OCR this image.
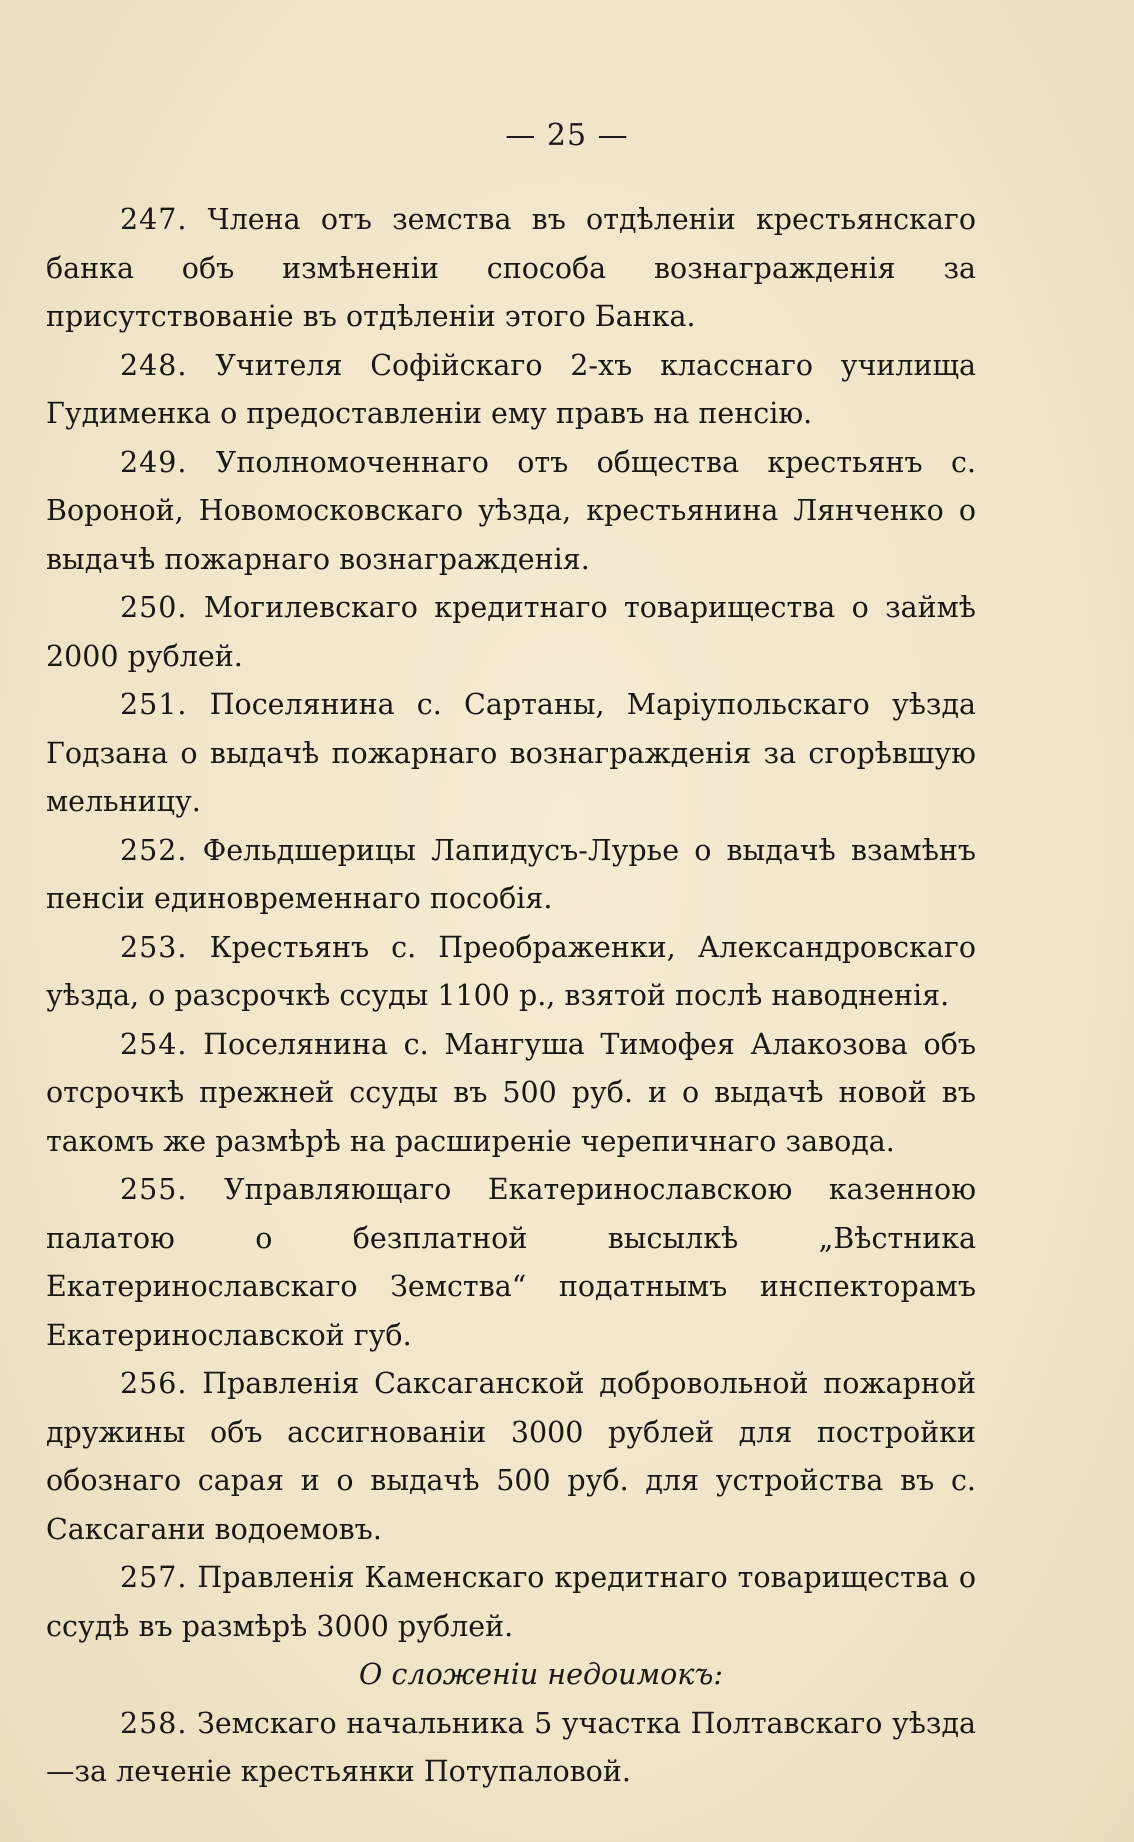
— 25 —

247. Члена отъ земства въ отдѣленіи крестьянскаго банка объ измѣненіи способа вознагражденія за присутствованіе въ отдѣленіи этого Банка.

248. Учителя Софійскаго 2-хъ класснаго училища Гудименка о предоставленіи ему правъ на пенсію.

249. Уполномоченнаго отъ общества крестьянъ с. Вороной, Новомосковскаго уѣзда, крестьянина Лянченко о выдачѣ пожарнаго вознагражденія.

250. Могилевскаго кредитнаго товарищества о займѣ 2000 рублей.

251. Поселянина с. Сартаны, Маріупольскаго уѣзда Годзана о выдачѣ пожарнаго вознагражденія за сгорѣвшую мельницу.

252. Фельдшерицы Лапидусъ-Лурье о выдачѣ взамѣнъ пенсіи единовременнаго пособія.

253. Крестьянъ с. Преображенки, Александровскаго уѣзда, о разсрочкѣ ссуды 1100 р., взятой послѣ наводненія.

254. Поселянина с. Мангуша Тимофея Алакозова объ отсрочкѣ прежней ссуды въ 500 руб. и о выдачѣ новой въ такомъ же размѣрѣ на расширеніе черепичнаго завода.

255. Управляющаго Екатеринославскою казенною палатою о безплатной высылкѣ „Вѣстника Екатеринославскаго Земства“ податнымъ инспекторамъ Екатеринославской губ.

256. Правленія Саксаганской добровольной пожарной дружины объ ассигнованіи 3000 рублей для постройки обознаго сарая и о выдачѣ 500 руб. для устройства въ с. Саксагани водоемовъ.

257. Правленія Каменскаго кредитнаго товарищества о ссудѣ въ размѣрѣ 3000 рублей.

О сложеніи недоимокъ:

258. Земскаго начальника 5 участка Полтавскаго уѣзда —за леченіе крестьянки Потупаловой.
